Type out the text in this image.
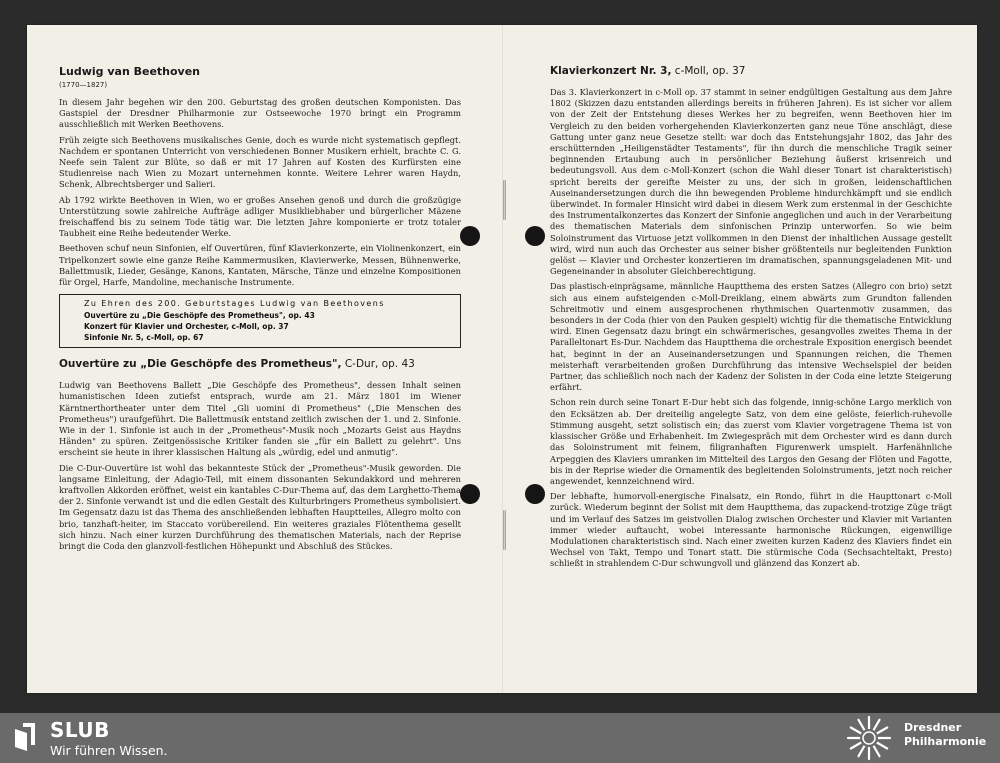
Ludwig van Beethoven
(1770—1827)

In diesem Jahr begehen wir den 200. Geburtstag des großen deutschen Komponisten. Das Gastspiel der Dresdner Philharmonie zur Ostseewoche 1970 bringt ein Programm ausschließlich mit Werken Beethovens.

Früh zeigte sich Beethovens musikalisches Genie, doch es wurde nicht systematisch gepflegt. Nachdem er spontanen Unterricht von verschiedenen Bonner Musikern erhielt, brachte C. G. Neefe sein Talent zur Blüte, so daß er mit 17 Jahren auf Kosten des Kurfürsten eine Studienreise nach Wien zu Mozart unternehmen konnte. Weitere Lehrer waren Haydn, Schenk, Albrechtsberger und Salieri.

Ab 1792 wirkte Beethoven in Wien, wo er großes Ansehen genoß und durch die großzügige Unterstützung sowie zahlreiche Aufträge adliger Musikliebhaber und bürgerlicher Mäzene freischaffend bis zu seinem Tode tätig war. Die letzten Jahre komponierte er trotz totaler Taubheit eine Reihe bedeutender Werke.

Beethoven schuf neun Sinfonien, elf Ouvertüren, fünf Klavierkonzerte, ein Violinenkonzert, ein Tripelkonzert sowie eine ganze Reihe Kammermusiken, Klavierwerke, Messen, Bühnenwerke, Ballettmusik, Lieder, Gesänge, Kanons, Kantaten, Märsche, Tänze und einzelne Kompositionen für Orgel, Harfe, Mandoline, mechanische Instrumente.

Zu Ehren des 200. Geburtstages Ludwig van Beethovens
Ouvertüre zu „Die Geschöpfe des Prometheus", op. 43
Konzert für Klavier und Orchester, c-Moll, op. 37
Sinfonie Nr. 5, c-Moll, op. 67
Ouvertüre zu „Die Geschöpfe des Prometheus", C-Dur, op. 43

Ludwig van Beethovens Ballett „Die Geschöpfe des Prometheus", dessen Inhalt seinen humanistischen Ideen zutiefst entsprach, wurde am 21. März 1801 im Wiener Kärntnerthortheater unter dem Titel „Gli uomini di Prometheus" („Die Menschen des Prometheus") uraufgeführt. Die Ballettmusik entstand zeitlich zwischen der 1. und 2. Sinfonie. Wie in der 1. Sinfonie ist auch in der „Prometheus"-Musik noch „Mozarts Geist aus Haydns Händen" zu spüren. Zeitgenössische Kritiker fanden sie „für ein Ballett zu gelehrt". Uns erscheint sie heute in ihrer klassischen Haltung als „würdig, edel und anmutig".

Die C-Dur-Ouvertüre ist wohl das bekannteste Stück der „Prometheus"-Musik geworden. Die langsame Einleitung, der Adagio-Teil, mit einem dissonanten Sekundakkord und mehreren kraftvollen Akkorden eröffnet, weist ein kantables C-Dur-Thema auf, das dem Larghetto-Thema der 2. Sinfonie verwandt ist und die edlen Gestalt des Kulturbringers Prometheus symbolisiert. Im Gegensatz dazu ist das Thema des anschließenden lebhaften Hauptteiles, Allegro molto con brio, tanzhaft-heiter, im Staccato vorübereilend. Ein weiteres graziales Flötenthema gesellt sich hinzu. Nach einer kurzen Durchführung des thematischen Materials, nach der Reprise bringt die Coda den glanzvoll-festlichen Höhepunkt und Abschluß des Stückes.

Klavierkonzert Nr. 3, c-Moll, op. 37

Das 3. Klavierkonzert in c-Moll op. 37 stammt in seiner endgültigen Gestaltung aus dem Jahre 1802 (Skizzen dazu entstanden allerdings bereits in früheren Jahren). Es ist sicher vor allem von der Zeit der Entstehung dieses Werkes her zu begreifen, wenn Beethoven hier im Vergleich zu den beiden vorhergehenden Klavierkonzerten ganz neue Töne anschlägt, diese Gattung unter ganz neue Gesetze stellt: war doch das Entstehungsjahr 1802, das Jahr des erschütternden „Heiligenstädter Testaments", für ihn durch die menschliche Tragik seiner beginnenden Ertaubung auch in persönlicher Beziehung äußerst krisenreich und bedeutungsvoll. Aus dem c-Moll-Konzert (schon die Wahl dieser Tonart ist charakteristisch) spricht bereits der gereifte Meister zu uns, der sich in großen, leidenschaftlichen Auseinandersetzungen durch die ihn bewegenden Probleme hindurchkämpft und sie endlich überwindet. In formaler Hinsicht wird dabei in diesem Werk zum erstenmal in der Geschichte des Instrumentalkonzertes das Konzert der Sinfonie angeglichen und auch in der Verarbeitung des thematischen Materials dem sinfonischen Prinzip unterworfen. So wie beim Soloinstrument das Virtuose jetzt vollkommen in den Dienst der inhaltlichen Aussage gestellt wird, wird nun auch das Orchester aus seiner bisher größtenteils nur begleitenden Funktion gelöst — Klavier und Orchester konzertieren im dramatischen, spannungsgeladenen Mit- und Gegeneinander in absoluter Gleichberechtigung.

Das plastisch-einprägsame, männliche Hauptthema des ersten Satzes (Allegro con brio) setzt sich aus einem aufsteigenden c-Moll-Dreiklang, einem abwärts zum Grundton fallenden Schreitmotiv und einem ausgesprochenen rhythmischen Quartenmotiv zusammen, das besonders in der Coda (hier von den Pauken gespielt) wichtig für die thematische Entwicklung wird. Einen Gegensatz dazu bringt ein schwärmerisches, gesangvolles zweites Thema in der Paralleltonart Es-Dur. Nachdem das Hauptthema die orchestrale Exposition energisch beendet hat, beginnt in der an Auseinandersetzungen und Spannungen reichen, die Themen meisterhaft verarbeitenden großen Durchführung das intensive Wechselspiel der beiden Partner, das schließlich noch nach der Kadenz der Solisten in der Coda eine letzte Steigerung erfährt.

Schon rein durch seine Tonart E-Dur hebt sich das folgende, innig-schöne Largo merklich von den Ecksätzen ab. Der dreiteilig angelegte Satz, von dem eine gelöste, feierlich-ruhevolle Stimmung ausgeht, setzt solistisch ein; das zuerst vom Klavier vorgetragene Thema ist von klassischer Größe und Erhabenheit. Im Zwiegespräch mit dem Orchester wird es dann durch das Soloinstrument mit feinem, filigranhaften Figurenwerk umspielt. Harfenähnliche Arpeggien des Klaviers umranken im Mittelteil des Largos den Gesang der Flöten und Fagotte, bis in der Reprise wieder die Ornamentik des begleitenden Soloinstruments, jetzt noch reicher angewendet, kennzeichnend wird.

Der lebhafte, humorvoll-energische Finalsatz, ein Rondo, führt in die Haupttonart c-Moll zurück. Wiederum beginnt der Solist mit dem Hauptthema, das zupackend-trotzige Züge trägt und im Verlauf des Satzes im geistvollen Dialog zwischen Orchester und Klavier mit Varianten immer wieder auftaucht, wobei interessante harmonische Rückungen, eigenwillige Modulationen charakteristisch sind. Nach einer zweiten kurzen Kadenz des Klaviers findet ein Wechsel von Takt, Tempo und Tonart statt. Die stürmische Coda (Sechsachteltakt, Presto) schließt in strahlendem C-Dur schwungvoll und glänzend das Konzert ab.

SLUB
Wir führen Wissen.
Dresdner
Philharmonie
